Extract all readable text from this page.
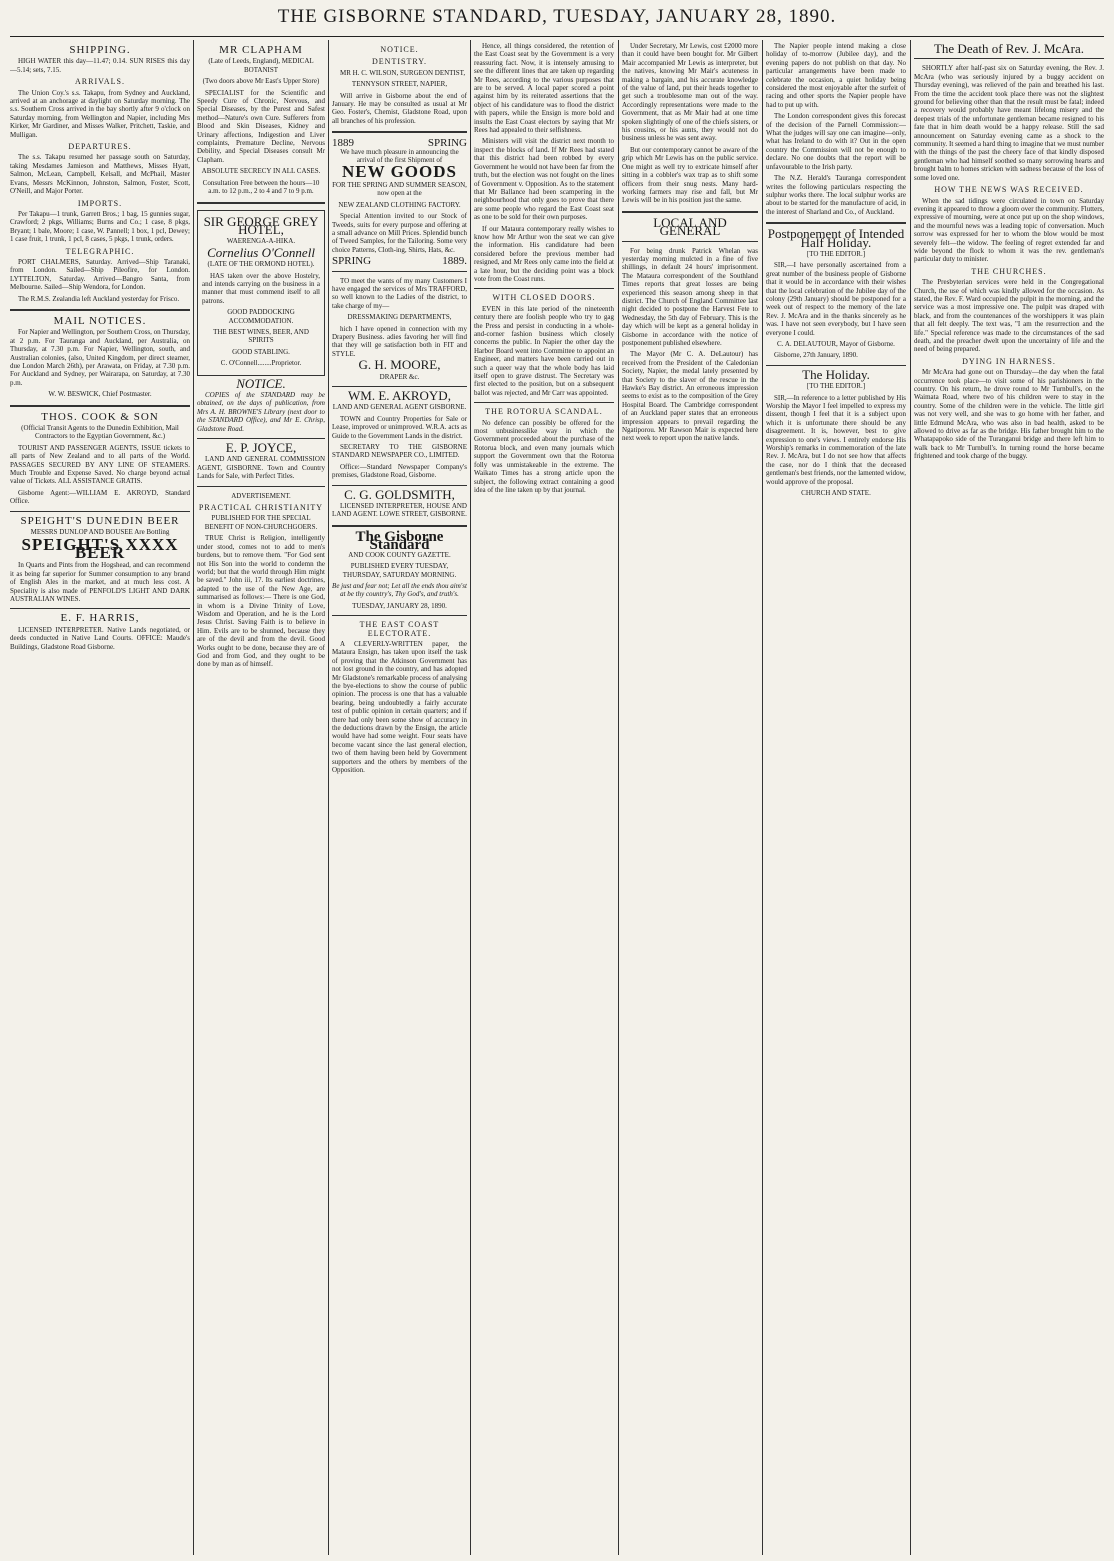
THE GISBORNE STANDARD, TUESDAY, JANUARY 28, 1890.
SHIPPING.

HIGH WATER this day—11.47; 0.14. SUN RISES this day—5.14; sets, 7.15.

ARRIVALS.

The Union Coy.'s s.s. Takapu, from Sydney and Auckland, arrived at an anchorage at daylight on Saturday morning. The s.s. Southern Cross arrived in the bay shortly after 9 o'clock on Saturday morning, from Wellington and Napier, including Mrs Kirker, Mr Gardiner, and Misses Walker, Pritchett, Taskie, and Mulligan.

DEPARTURES.

The s.s. Takapu resumed her passage south on Saturday, taking Mesdames Jamieson and Matthews, Misses Hyatt, Salmon, McLean, Campbell, Kelsall, and McPhail, Master Evans, Messrs McKinnon, Johnston, Salmon, Foster, Scott, O'Neill, and Major Porter.

IMPORTS.

Per Takapu—1 trunk, Garrett Bros.; 1 bag, 15 gunnies sugar, Crawford; 2 pkgs, Williams; Burns and Co.; 1 case, 8 pkgs, Bryant; 1 bale, Moore; 1 case, W. Pannell; 1 box, 1 pcl, Dewey; 1 case fruit, 1 trunk, 1 pcl, 8 cases, 5 pkgs, 1 trunk, orders.

TELEGRAPHIC.

PORT CHALMERS, Saturday. Arrived—Ship Taranaki, from London. Sailed—Ship Pileofire, for London. LYTTELTON, Saturday. Arrived—Bangro Santa, from Melbourne. Sailed—Ship Wendora, for London.

The R.M.S. Zealandia left Auckland yesterday for Frisco.

MAIL NOTICES.

For Napier and Wellington, per Southern Cross, on Thursday, at 2 p.m. For Tauranga and Auckland, per Australia, on Thursday, at 7.30 p.m. For Napier, Wellington, south, and Australian colonies, (also, United Kingdom, per direct steamer, due London March 26th), per Arawata, on Friday, at 7.30 p.m. For Auckland and Sydney, per Wairarapa, on Saturday, at 7.30 p.m.

W. W. BESWICK, Chief Postmaster.

THOS. COOK & SON

(Official Transit Agents to the Dunedin Exhibition, Mail Contractors to the Egyptian Government, &c.)

TOURIST AND PASSENGER AGENTS, ISSUE tickets to all parts of New Zealand and to all parts of the World. PASSAGES SECURED BY ANY LINE OF STEAMERS. Much Trouble and Expense Saved. No charge beyond actual value of Tickets. ALL ASSISTANCE GRATIS.

Gisborne Agent:—WILLIAM E. AKROYD, Standard Office.

SPEIGHT'S DUNEDIN BEER

MESSRS DUNLOP AND BOUSEE Are Bottling

SPEIGHT'S XXXX BEER

In Quarts and Pints from the Hogshead, and can recommend it as being far superior for Summer consumption to any brand of English Ales in the market, and at much less cost. A Speciality is also made of PENFOLD'S LIGHT AND DARK AUSTRALIAN WINES.

E. F. HARRIS,

LICENSED INTERPRETER. Native Lands negotiated, or deeds conducted in Native Land Courts. OFFICE: Maude's Buildings, Gladstone Road Gisborne.

MR CLAPHAM

(Late of Leeds, England), MEDICAL BOTANIST

(Two doors above Mr East's Upper Store)

SPECIALIST for the Scientific and Speedy Cure of Chronic, Nervous, and Special Diseases, by the Purest and Safest method—Nature's own Cure. Sufferers from Blood and Skin Diseases, Kidney and Urinary affections, Indigestion and Liver complaints, Premature Decline, Nervous Debility, and Special Diseases consult Mr Clapham.

ABSOLUTE SECRECY IN ALL CASES.

Consultation Free between the hours—10 a.m. to 12 p.m., 2 to 4 and 7 to 9 p.m.

SIR GEORGE GREY HOTEL,

WAERENGA-A-HIKA.

Cornelius O'Connell

(LATE OF THE ORMOND HOTEL).

HAS taken over the above Hostelry, and intends carrying on the business in a manner that must commend itself to all patrons.

GOOD PADDOCKING ACCOMMODATION.

THE BEST WINES, BEER, AND SPIRITS

GOOD STABLING.

C. O'Connell........Proprietor.

NOTICE.

COPIES of the STANDARD may be obtained, on the days of publication, from Mrs A. H. BROWNE'S Library (next door to the STANDARD Office), and Mr E. Chrisp, Gladstone Road.

E. P. JOYCE,

LAND AND GENERAL COMMISSION AGENT, GISBORNE. Town and Country Lands for Sale, with Perfect Titles.

ADVERTISEMENT.

PRACTICAL CHRISTIANITY

PUBLISHED FOR THE SPECIAL BENEFIT OF NON-CHURCHGOERS.

TRUE Christ is Religion, intelligently under stood, comes not to add to men's burdens, but to remove them. "For God sent not His Son into the world to condemn the world; but that the world through Him might be saved." John iii, 17. Its earliest doctrines, adapted to the use of the New Age, are summarised as follows:— There is one God, in whom is a Divine Trinity of Love, Wisdom and Operation, and he is the Lord Jesus Christ. Saving Faith is to believe in Him. Evils are to be shunned, because they are of the devil and from the devil. Good Works ought to be done, because they are of God and from God, and they ought to be done by man as of himself.

NOTICE.
DENTISTRY.

MR H. C. WILSON, SURGEON DENTIST,

TENNYSON STREET, NAPIER,

Will arrive in Gisborne about the end of January. He may be consulted as usual at Mr Geo. Foster's, Chemist, Gladstone Road, upon all branches of his profession.

1889	SPRING

We have much pleasure in announcing the arrival of the first Shipment of

NEW GOODS

FOR THE SPRING AND SUMMER SEASON, now open at the

NEW ZEALAND CLOTHING FACTORY.

Special Attention invited to our Stock of Tweeds, suits for every purpose and offering at a small advance on Mill Prices. Splendid bunch of Tweed Samples, for the Tailoring. Some very choice Patterns, Cloth-ing, Shirts, Hats, &c.

SPRING	1889.

TO meet the wants of my many Customers I have engaged the services of Mrs TRAFFORD, so well known to the Ladies of the district, to take charge of my—

DRESSMAKING DEPARTMENTS,

hich I have opened in connection with my Drapery Business. adies favoring her will find that they will ge satisfaction both in FIT and STYLE.

G. H. MOORE,

DRAPER &c.

WM. E. AKROYD,

LAND AND GENERAL AGENT GISBORNE.

TOWN and Country Properties for Sale or Lease, improved or unimproved. W.R.A. acts as Guide to the Government Lands in the district.

SECRETARY TO THE GISBORNE STANDARD NEWSPAPER CO., LIMITED.

Office:—Standard Newspaper Company's premises, Gladstone Road, Gisborne.

C. G. GOLDSMITH,

LICENSED INTERPRETER, HOUSE AND LAND AGENT. LOWE STREET, GISBORNE.

The Gisborne Standard

AND COOK COUNTY GAZETTE.

PUBLISHED EVERY TUESDAY, THURSDAY, SATURDAY MORNING.

Be just and fear not; Let all the ends thou aim'st at be thy country's, Thy God's, and truth's.

TUESDAY, JANUARY 28, 1890.

THE EAST COAST ELECTORATE.

A CLEVERLY-WRITTEN paper, the Mataura Ensign, has taken upon itself the task of proving that the Atkinson Government has not lost ground in the country, and has adopted Mr Gladstone's remarkable process of analysing the bye-elections to show the course of public opinion. The process is one that has a valuable bearing, being undoubtedly a fairly accurate test of public opinion in certain quarters; and if there had only been some show of accuracy in the deductions drawn by the Ensign, the article would have had some weight. Four seats have become vacant since the last general election, two of them having been held by Government supporters and the others by members of the Opposition.

Hence, all things considered, the retention of the East Coast seat by the Government is a very reassuring fact. Now, it is intensely amusing to see the different lines that are taken up regarding Mr Rees, according to the various purposes that are to be served. A local paper scored a point against him by its reiterated assertions that the object of his candidature was to flood the district with papers, while the Ensign is more bold and insults the East Coast electors by saying that Mr Rees had appealed to their selfishness.

Ministers will visit the district next month to inspect the blocks of land. If Mr Rees had stated that this district had been robbed by every Government he would not have been far from the truth, but the election was not fought on the lines of Government v. Opposition. As to the statement that Mr Ballance had been scampering in the neighbourhood that only goes to prove that there are some people who regard the East Coast seat as one to be sold for their own purposes.

If our Mataura contemporary really wishes to know how Mr Arthur won the seat we can give the information. His candidature had been considered before the previous member had resigned, and Mr Rees only came into the field at a late hour, but the deciding point was a block vote from the Coast runs.

WITH CLOSED DOORS.

EVEN in this late period of the nineteenth century there are foolish people who try to gag the Press and persist in conducting in a whole-and-corner fashion business which closely concerns the public. In Napier the other day the Harbor Board went into Committee to appoint an Engineer, and matters have been carried out in such a queer way that the whole body has laid itself open to grave distrust. The Secretary was first elected to the position, but on a subsequent ballot was rejected, and Mr Carr was appointed.

THE ROTORUA SCANDAL.

No defence can possibly be offered for the most unbusinesslike way in which the Government proceeded about the purchase of the Rotorua block, and even many journals which support the Government own that the Rotorua folly was unmistakeable in the extreme. The Waikato Times has a strong article upon the subject, the following extract containing a good idea of the line taken up by that journal.

Under Secretary, Mr Lewis, cost £2000 more than it could have been bought for. Mr Gilbert Mair accompanied Mr Lewis as interpreter, but the natives, knowing Mr Mair's acuteness in making a bargain, and his accurate knowledge of the value of land, put their heads together to get such a troublesome man out of the way. Accordingly representations were made to the Government, that as Mr Mair had at one time spoken slightingly of one of the chiefs sisters, or his cousins, or his aunts, they would not do business unless he was sent away.

But our contemporary cannot be aware of the grip which Mr Lewis has on the public service. One might as well try to extricate himself after sitting in a cobbler's wax trap as to shift some officers from their snug nests. Many hard-working farmers may rise and fall, but Mr Lewis will be in his position just the same.

LOCAL AND GENERAL

For being drunk Patrick Whelan was yesterday morning mulcted in a fine of five shillings, in default 24 hours' imprisonment. The Mataura correspondent of the Southland Times reports that great losses are being experienced this season among sheep in that district. The Church of England Committee last night decided to postpone the Harvest Fete to Wednesday, the 5th day of February. This is the day which will be kept as a general holiday in Gisborne in accordance with the notice of postponement published elsewhere.

The Mayor (Mr C. A. DeLautour) has received from the President of the Caledonian Society, Napier, the medal lately presented by that Society to the slaver of the rescue in the Hawke's Bay district. An erroneous impression seems to exist as to the composition of the Grey Hospital Board. The Cambridge correspondent of an Auckland paper states that an erroneous impression appears to prevail regarding the Ngatiporou. Mr Rawson Mair is expected here next week to report upon the native lands.

The Napier people intend making a close holiday of to-morrow (Jubilee day), and the evening papers do not publish on that day. No particular arrangements have been made to celebrate the occasion, a quiet holiday being considered the most enjoyable after the surfeit of racing and other sports the Napier people have had to put up with.

The London correspondent gives this forecast of the decision of the Parnell Commission:—What the judges will say one can imagine—only, what has Ireland to do with it? Out in the open country the Commission will not be enough to declare. No one doubts that the report will be unfavourable to the Irish party.

The N.Z. Herald's Tauranga correspondent writes the following particulars respecting the sulphur works there. The local sulphur works are about to be started for the manufacture of acid, in the interest of Sharland and Co., of Auckland.

Postponement of Intended Half Holiday.

[TO THE EDITOR.]

SIR,—I have personally ascertained from a great number of the business people of Gisborne that it would be in accordance with their wishes that the local celebration of the Jubilee day of the colony (29th January) should be postponed for a week out of respect to the memory of the late Rev. J. McAra and in the thanks sincerely as he was. I have not seen everybody, but I have seen everyone I could.

C. A. DELAUTOUR, Mayor of Gisborne.

Gisborne, 27th January, 1890.

The Holiday.

[TO THE EDITOR.]

SIR,—In reference to a letter published by His Worship the Mayor I feel impelled to express my dissent, though I feel that it is a subject upon which it is unfortunate there should be any disagreement. It is, however, best to give expression to one's views. I entirely endorse His Worship's remarks in commemoration of the late Rev. J. McAra, but I do not see how that affects the case, nor do I think that the deceased gentleman's best friends, nor the lamented widow, would approve of the proposal.

CHURCH AND STATE.

The Death of Rev. J. McAra.

SHORTLY after half-past six on Saturday evening, the Rev. J. McAra (who was seriously injured by a buggy accident on Thursday evening), was relieved of the pain and breathed his last. From the time the accident took place there was not the slightest ground for believing other than that the result must be fatal; indeed a recovery would probably have meant lifelong misery and the deepest trials of the unfortunate gentleman became resigned to his fate that in him death would be a happy release. Still the sad announcement on Saturday evening came as a shock to the community. It seemed a hard thing to imagine that we must number with the things of the past the cheery face of that kindly disposed gentleman who had himself soothed so many sorrowing hearts and brought balm to homes stricken with sadness because of the loss of some loved one.

HOW THE NEWS WAS RECEIVED.

When the sad tidings were circulated in town on Saturday evening it appeared to throw a gloom over the community. Flutters, expressive of mourning, were at once put up on the shop windows, and the mournful news was a leading topic of conversation. Much sorrow was expressed for her to whom the blow would be most severely felt—the widow. The feeling of regret extended far and wide beyond the flock to whom it was the rev. gentleman's particular duty to minister.

THE CHURCHES.

The Presbyterian services were held in the Congregational Church, the use of which was kindly allowed for the occasion. As stated, the Rev. F. Ward occupied the pulpit in the morning, and the service was a most impressive one. The pulpit was draped with black, and from the countenances of the worshippers it was plain that all felt deeply. The text was, "I am the resurrection and the life." Special reference was made to the circumstances of the sad death, and the preacher dwelt upon the uncertainty of life and the need of being prepared.

DYING IN HARNESS.

Mr McAra had gone out on Thursday—the day when the fatal occurrence took place—to visit some of his parishioners in the country. On his return, he drove round to Mr Turnbull's, on the Waimata Road, where two of his children were to stay in the country. Some of the children were in the vehicle. The little girl was not very well, and she was to go home with her father, and little Edmund McAra, who was also in bad health, asked to be allowed to drive as far as the bridge. His father brought him to the Whatapapoko side of the Turanganui bridge and there left him to walk back to Mr Turnbull's. In turning round the horse became frightened and took charge of the buggy.
